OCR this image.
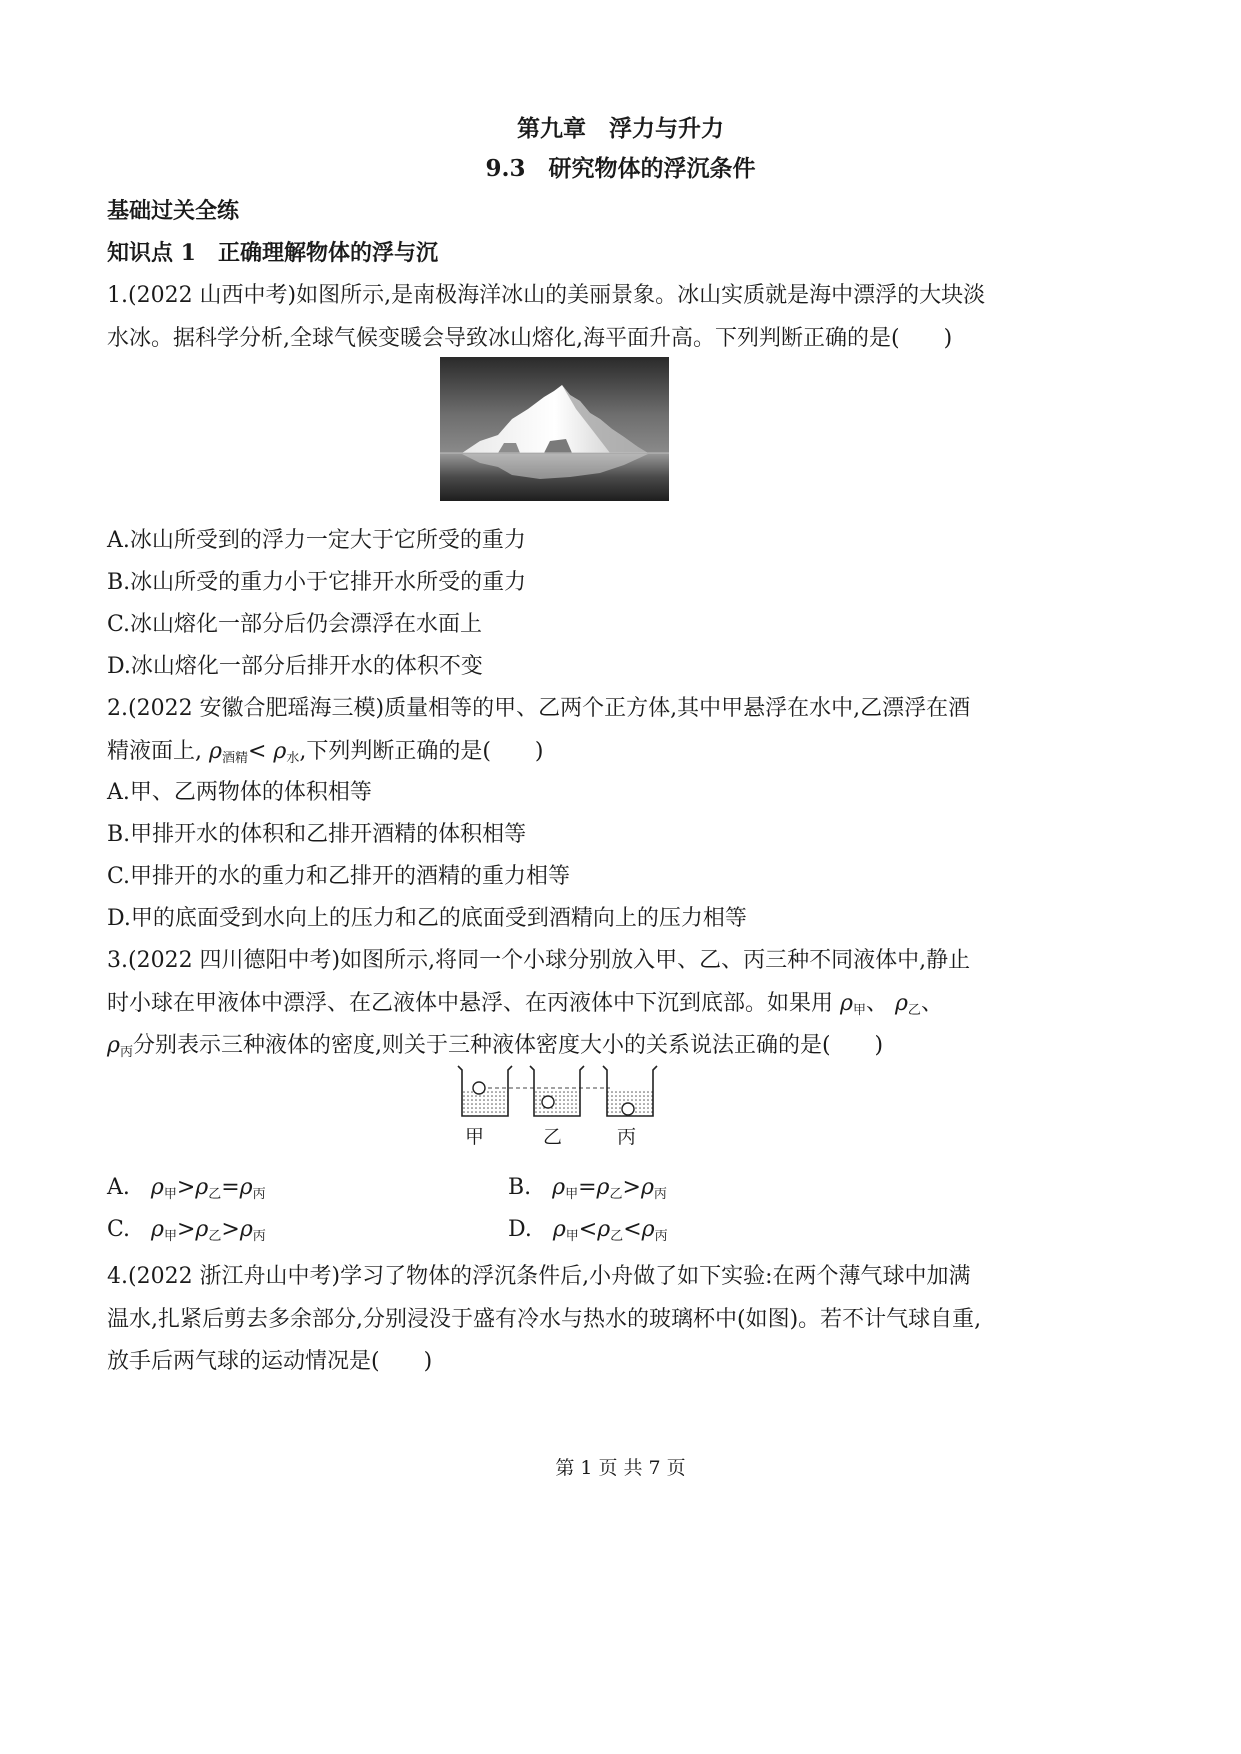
第九章　浮力与升力
9.3　研究物体的浮沉条件
基础过关全练
知识点 1　正确理解物体的浮与沉
1.(2022 山西中考)如图所示,是南极海洋冰山的美丽景象。冰山实质就是海中漂浮的大块淡
水冰。据科学分析,全球气候变暖会导致冰山熔化,海平面升高。下列判断正确的是(　　)
A.冰山所受到的浮力一定大于它所受的重力
B.冰山所受的重力小于它排开水所受的重力
C.冰山熔化一部分后仍会漂浮在水面上
D.冰山熔化一部分后排开水的体积不变
2.(2022 安徽合肥瑶海三模)质量相等的甲、乙两个正方体,其中甲悬浮在水中,乙漂浮在酒
精液面上, ρ酒精< ρ水,下列判断正确的是(　　)
A.甲、乙两物体的体积相等
B.甲排开水的体积和乙排开酒精的体积相等
C.甲排开的水的重力和乙排开的酒精的重力相等
D.甲的底面受到水向上的压力和乙的底面受到酒精向上的压力相等
3.(2022 四川德阳中考)如图所示,将同一个小球分别放入甲、乙、丙三种不同液体中,静止
时小球在甲液体中漂浮、在乙液体中悬浮、在丙液体中下沉到底部。如果用 ρ甲、 ρ乙、
ρ丙分别表示三种液体的密度,则关于三种液体密度大小的关系说法正确的是(　　)
甲	乙	丙
A. ρ甲>ρ乙=ρ丙	B. ρ甲=ρ乙>ρ丙
C. ρ甲>ρ乙>ρ丙	D. ρ甲<ρ乙<ρ丙
4.(2022 浙江舟山中考)学习了物体的浮沉条件后,小舟做了如下实验:在两个薄气球中加满
温水,扎紧后剪去多余部分,分别浸没于盛有冷水与热水的玻璃杯中(如图)。若不计气球自重,
放手后两气球的运动情况是(　　)
第 1 页 共 7 页
